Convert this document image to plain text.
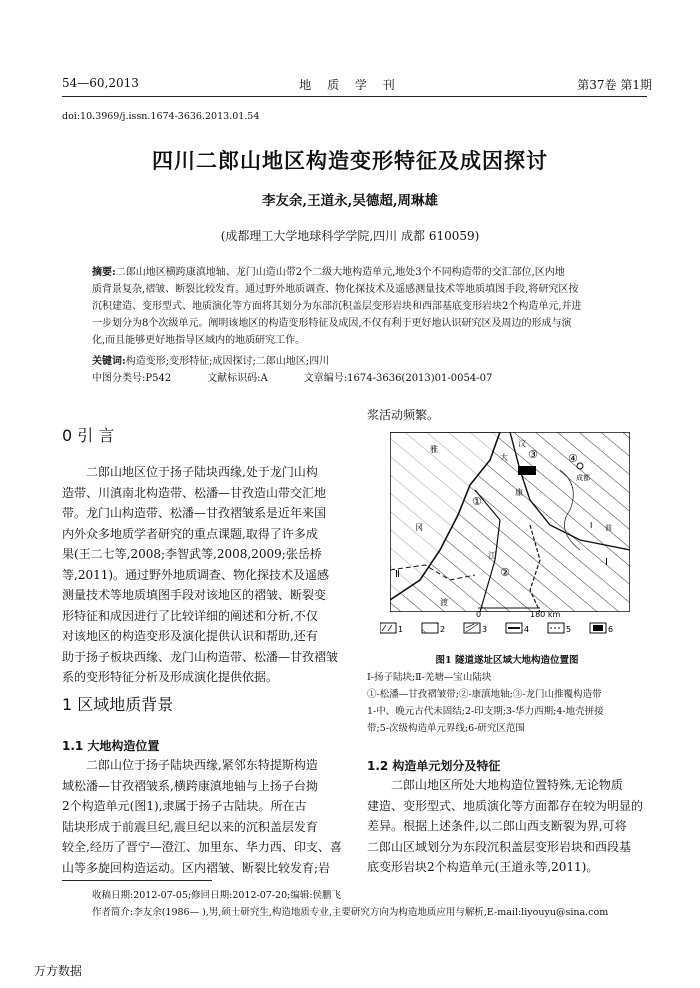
54—60,2013	地 质 学 刊	第37卷 第1期
doi:10.3969/j.issn.1674-3636.2013.01.54
四川二郎山地区构造变形特征及成因探讨
李友余,王道永,吴德超,周琳雄
(成都理工大学地球科学学院,四川 成都 610059)
摘要:二郎山地区横跨康滇地轴、龙门山造山带2个二级大地构造单元,地处3个不同构造带的交汇部位,区内地
质背景复杂,褶皱、断裂比较发育。通过野外地质调查、物化探技术及遥感测量技术等地质填图手段,将研究区按
沉积建造、变形型式、地质演化等方面将其划分为东部沉积盖层变形岩块和西部基底变形岩块2个构造单元,并进
一步划分为8个次级单元。阐明该地区的构造变形特征及成因,不仅有利于更好地认识研究区及周边的形成与演
化,而且能够更好地指导区域内的地质研究工作。
关键词:构造变形;变形特征;成因探讨;二郎山地区;四川
中图分类号:P542	文献标识码:A	文章编号:1674-3636(2013)01-0054-07
0 引 言
二郎山地区位于扬子陆块西缘,处于龙门山构
造带、川滇南北构造带、松潘—甘孜造山带交汇地
带。龙门山构造带、松潘—甘孜褶皱系是近年来国
内外众多地质学者研究的重点课题,取得了许多成
果(王二七等,2008;李智武等,2008,2009;张岳桥
等,2011)。通过野外地质调查、物化探技术及遥感
测量技术等地质填图手段对该地区的褶皱、断裂变
形特征和成因进行了比较详细的阐述和分析,不仅
对该地区的构造变形及演化提供认识和帮助,还有
助于扬子板块西缘、龙门山构造带、松潘—甘孜褶皱
系的变形特征分析及形成演化提供依据。
1 区域地质背景
1.1 大地构造位置
二郎山位于扬子陆块西缘,紧邻东特提斯构造
域松潘—甘孜褶皱系,横跨康滇地轴与上扬子台拗
2个构造单元(图1),隶属于扬子古陆块。所在古
陆块形成于前震旦纪,震旦纪以来的沉积盖层发育
较全,经历了晋宁—澄江、加里东、华力西、印支、喜
山等多旋回构造运动。区内褶皱、断裂比较发育;岩
浆活动频繁。
雅
大
汶
③
成都
④
①
康
Ⅰ
Ⅱ	②
江
Ⅰ
冈	前
渡
0	180 km
1	2	3	4	5	6
图1 隧道遂址区域大地构造位置图
Ⅰ-扬子陆块;Ⅱ-羌塘—宝山陆块
①-松潘—甘孜褶皱带;②-康滇地轴;③-龙门山推覆构造带
1-中、晚元古代未固结;2-印支期;3-华力西期;4-地壳拼接
带;5-次级构造单元界线;6-研究区范围
1.2 构造单元划分及特征
二郎山地区所处大地构造位置特殊,无论物质
建造、变形型式、地质演化等方面都存在较为明显的
差异。根据上述条件,以二郎山西支断裂为界,可将
二郎山区域划分为东段沉积盖层变形岩块和西段基
底变形岩块2个构造单元(王道永等,2011)。
收稿日期:2012-07-05;修回日期:2012-07-20;编辑:侯鹏飞
作者简介:李友余(1986— ),男,硕士研究生,构造地质专业,主要研究方向为构造地质应用与解析,E-mail:liyouyu@sina.com
万方数据
